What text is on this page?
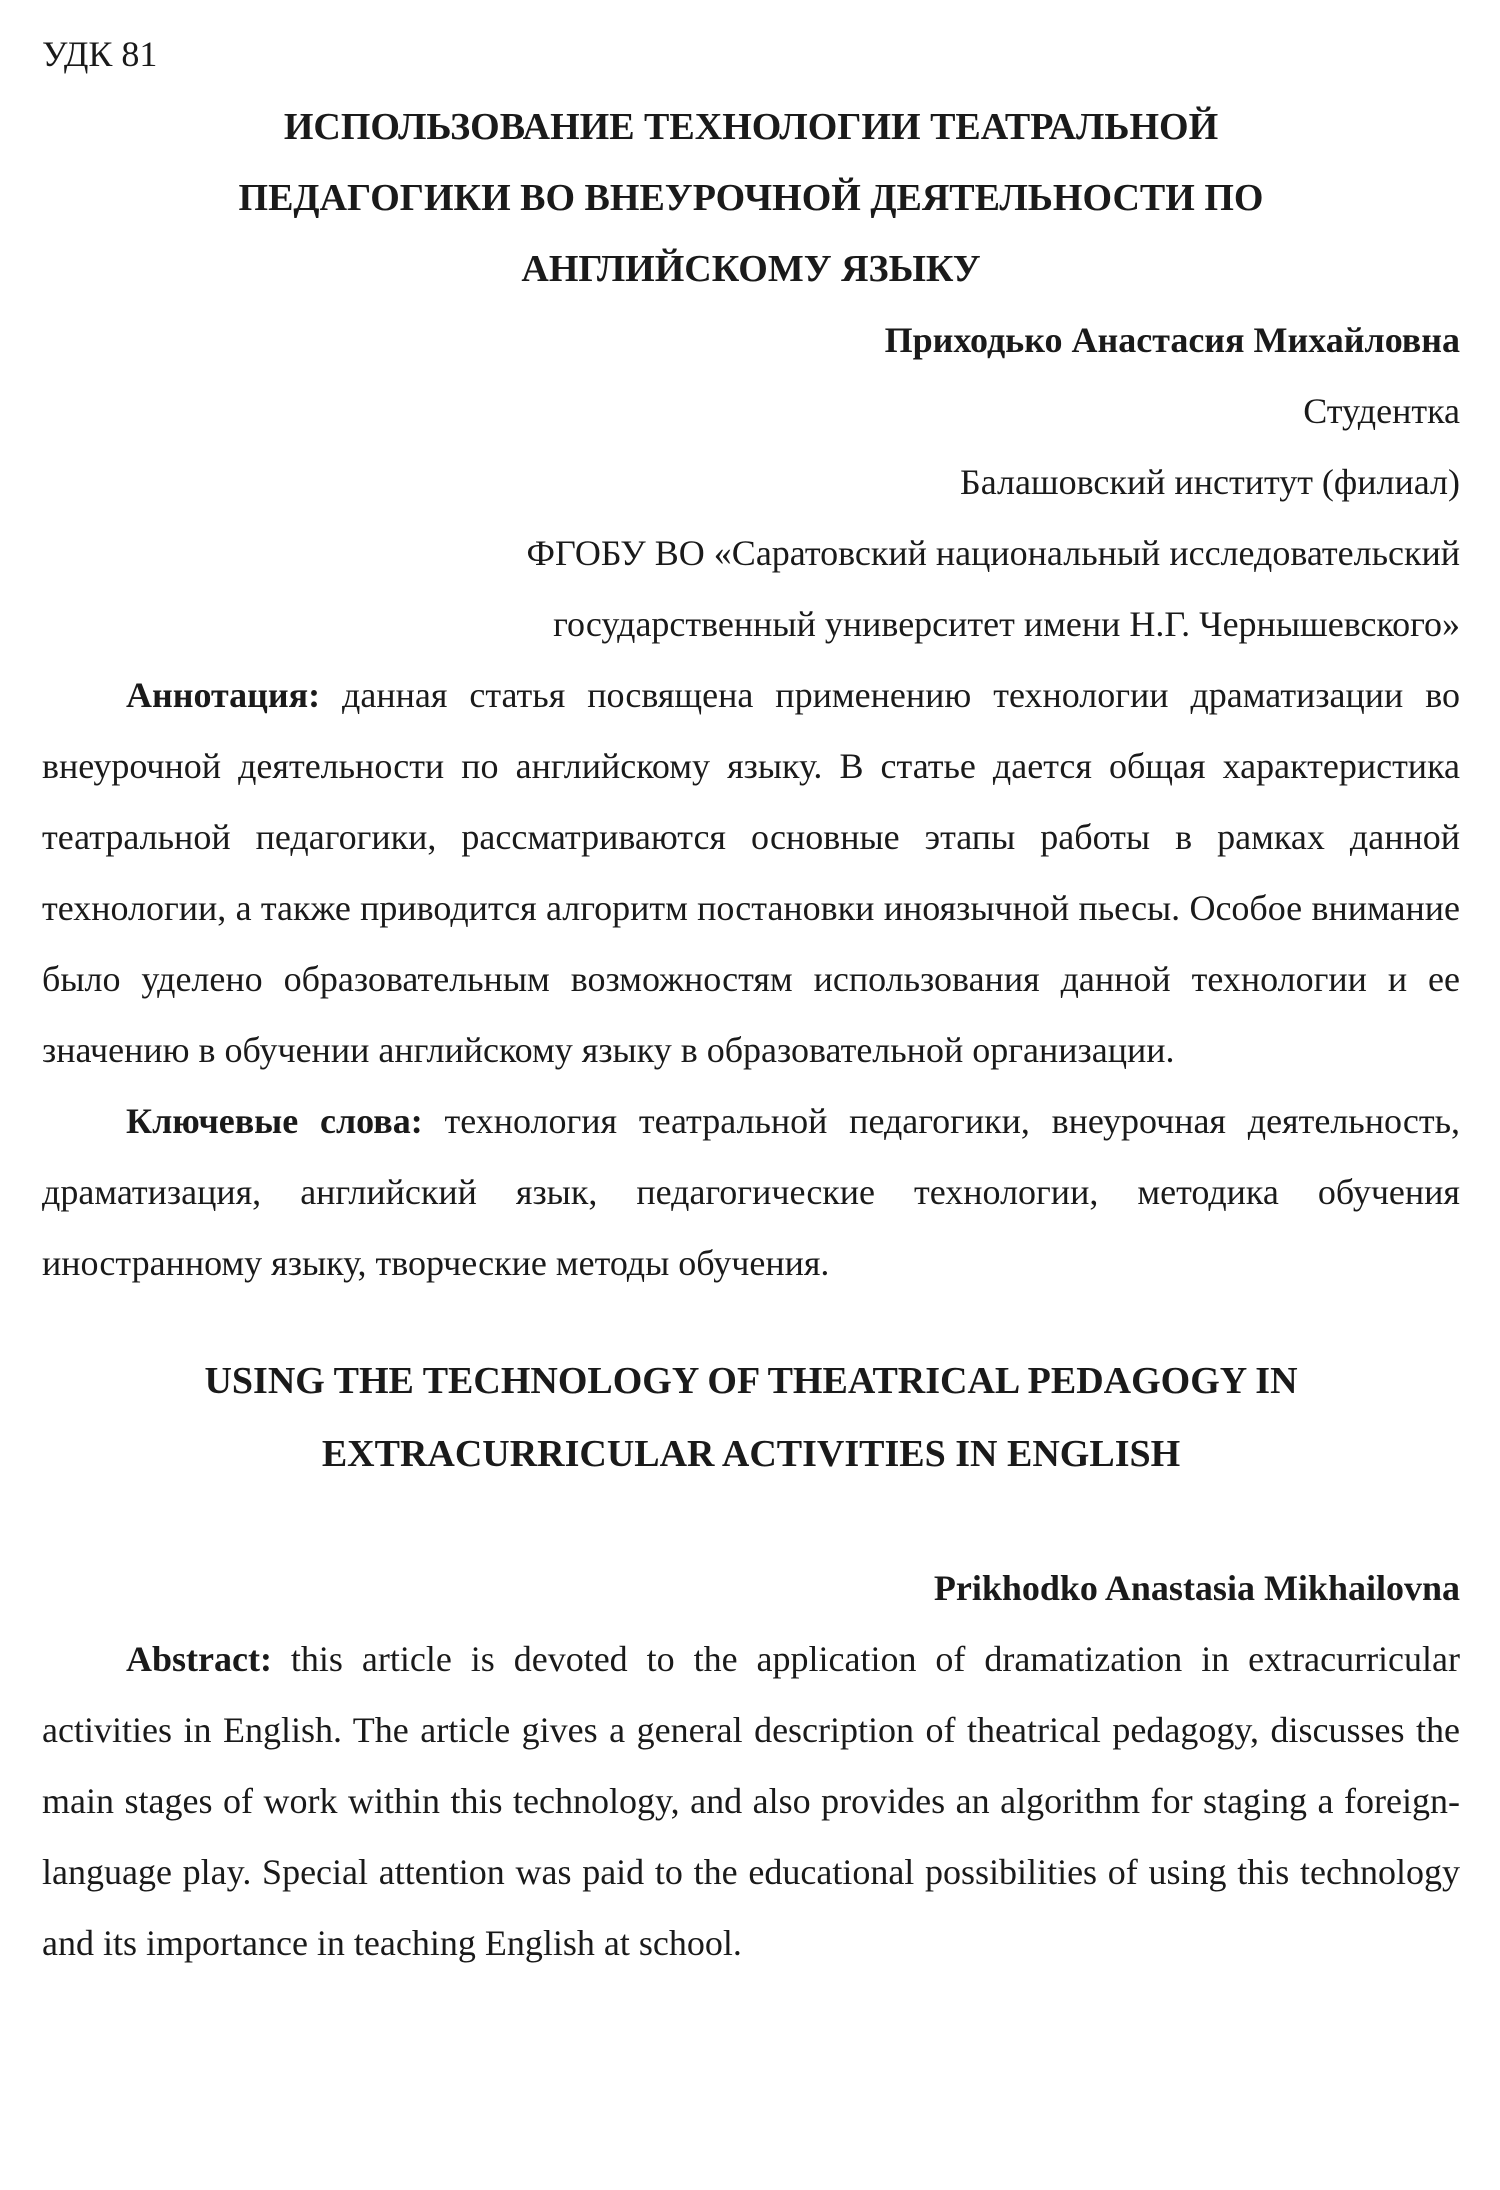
УДК 81

ИСПОЛЬЗОВАНИЕ ТЕХНОЛОГИИ ТЕАТРАЛЬНОЙ
ПЕДАГОГИКИ ВО ВНЕУРОЧНОЙ ДЕЯТЕЛЬНОСТИ ПО
АНГЛИЙСКОМУ ЯЗЫКУ

Приходько Анастасия Михайловна

Студентка
Балашовский институт (филиал)
ФГОБУ ВО «Саратовский национальный исследовательский
государственный университет имени Н.Г. Чернышевского»

Аннотация: данная статья посвящена применению технологии драматизации во внеурочной деятельности по английскому языку. В статье дается общая характеристика театральной педагогики, рассматриваются основные этапы работы в рамках данной технологии, а также приводится алгоритм постановки иноязычной пьесы. Особое внимание было уделено образовательным возможностям использования данной технологии и ее значению в обучении английскому языку в образовательной организации.

Ключевые слова: технология театральной педагогики, внеурочная деятельность, драматизация, английский язык, педагогические технологии, методика обучения иностранному языку, творческие методы обучения.

USING THE TECHNOLOGY OF THEATRICAL PEDAGOGY IN
EXTRACURRICULAR ACTIVITIES IN ENGLISH

Prikhodko Anastasia Mikhailovna

Abstract: this article is devoted to the application of dramatization in extracurricular activities in English. The article gives a general description of theatrical pedagogy, discusses the main stages of work within this technology, and also provides an algorithm for staging a foreign-language play. Special attention was paid to the educational possibilities of using this technology and its importance in teaching English at school.
